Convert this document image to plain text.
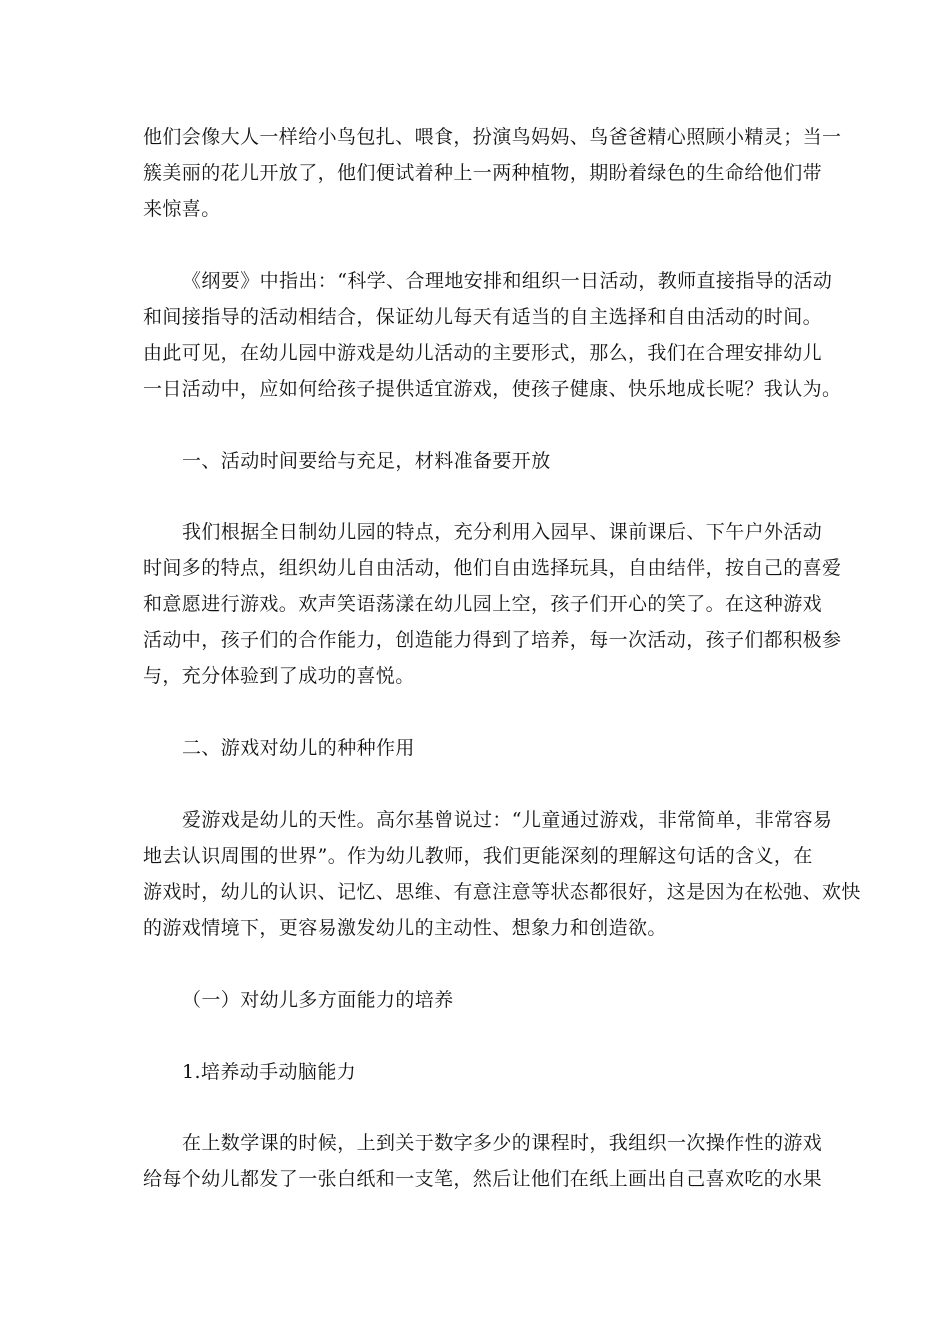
他们会像大人一样给小鸟包扎、喂食，扮演鸟妈妈、鸟爸爸精心照顾小精灵；当一
簇美丽的花儿开放了，他们便试着种上一两种植物，期盼着绿色的生命给他们带
来惊喜。
《纲要》中指出：“科学、合理地安排和组织一日活动，教师直接指导的活动
和间接指导的活动相结合，保证幼儿每天有适当的自主选择和自由活动的时间。
由此可见，在幼儿园中游戏是幼儿活动的主要形式，那么，我们在合理安排幼儿
一日活动中，应如何给孩子提供适宜游戏，使孩子健康、快乐地成长呢？我认为。
一、活动时间要给与充足，材料准备要开放
我们根据全日制幼儿园的特点，充分利用入园早、课前课后、下午户外活动
时间多的特点，组织幼儿自由活动，他们自由选择玩具，自由结伴，按自己的喜爱
和意愿进行游戏。欢声笑语荡漾在幼儿园上空，孩子们开心的笑了。在这种游戏
活动中，孩子们的合作能力，创造能力得到了培养，每一次活动，孩子们都积极参
与，充分体验到了成功的喜悦。
二、游戏对幼儿的种种作用
爱游戏是幼儿的天性。高尔基曾说过：“儿童通过游戏，非常简单，非常容易
地去认识周围的世界”。作为幼儿教师，我们更能深刻的理解这句话的含义，在
游戏时，幼儿的认识、记忆、思维、有意注意等状态都很好，这是因为在松弛、欢快
的游戏情境下，更容易激发幼儿的主动性、想象力和创造欲。
（一）对幼儿多方面能力的培养
1.培养动手动脑能力
在上数学课的时候，上到关于数字多少的课程时，我组织一次操作性的游戏
给每个幼儿都发了一张白纸和一支笔，然后让他们在纸上画出自己喜欢吃的水果
